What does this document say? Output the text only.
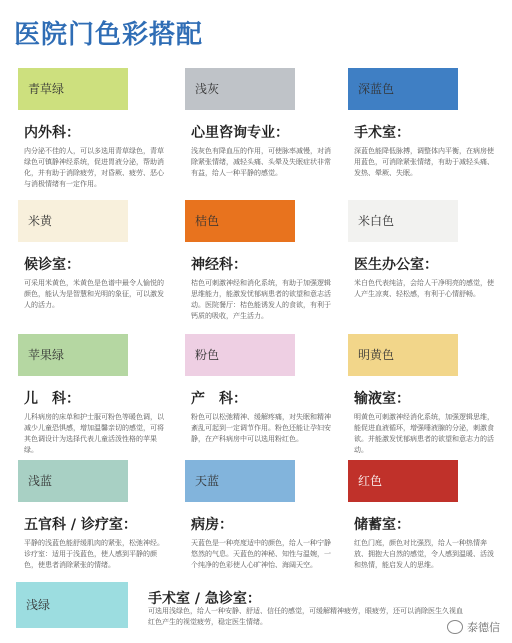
医院门色彩搭配
青草绿
内外科：
内分泌不佳的人，可以多选用青草绿色，青草绿色可镇静神经系统，促进胃液分泌，帮助消化，并有助于消除疲劳，对昏厥、疲劳、恶心与消极情绪有一定作用。
浅灰
心里咨询专业：
浅灰色有降血压的作用，可使脉率减慢，对消除紧张情绪，减轻头痛、头晕及失眠症状非常有益，给人一种平静的感觉。
深蓝色
手术室：
深蓝色能降低脉搏，调整体内平衡，在病房使用蓝色，可消除紧张情绪，有助于减轻头痛、发热、晕厥、失眠。
米黄
候诊室：
可采用米黄色，米黄色是色谱中最令人愉悦的颜色，能认为是智慧和光明的象征，可以激发人的活力。
桔色
神经科：
桔色可刺激神经和消化系统，有助于加强逻辑思维能力，能激发忧郁病患者的欲望和意志活动。医院餐厅：桔色能诱发人的食欲，有利于钙质的吸收，产生活力。
米白色
医生办公室：
米白色代表纯洁，会给人干净明亮的感觉，使人产生凉爽、轻松感，有利于心情舒畅。
苹果绿
儿　科：
儿科病房的床单和护士服可粉色等暖色调，以减少儿童恐惧感，增加温馨亲切的感觉，可将其色调设计为选择代表儿童活泼性格的苹果绿。
粉色
产　科：
粉色可以松弛精神、缓解疼痛，对失眠和精神紊乱可起到一定调节作用。粉色还能让孕妇安静，在产科病房中可以选用粉红色。
明黄色
输液室：
明黄色可刺激神经消化系统，加强逻辑思维，能促进血液循环，增强唾液腺的分泌，刺激食欲。并能激发忧郁病患者的欲望和意志力的活动。
浅蓝
五官科 / 诊疗室：
平静的浅蓝色能舒缓肌肉的紧张，松弛神经。诊疗室：适用于浅蓝色，使人感到平静的颜色，使患者消除紧张的情绪。
天蓝
病房：
天蓝色是一种亮度适中的颜色，给人一种宁静悠然的气息。天蓝色的神秘、知性与温婉，一个纯净的色彩使人心旷神怡、海阔天空。
红色
储蓄室：
红色门庭，颜色对比强烈，给人一种热情奔放、拥抱大自然的感觉，令人感到温暖、活泼和热情，能启发人的思维。
浅绿	手术室 / 急诊室：
可选用浅绿色，给人一种安静、舒适、信任的感觉，可缓解精神疲劳，眼疲劳，还可以消除医生久视血红色产生的视觉疲劳，稳定医生情绪。	泰德信
